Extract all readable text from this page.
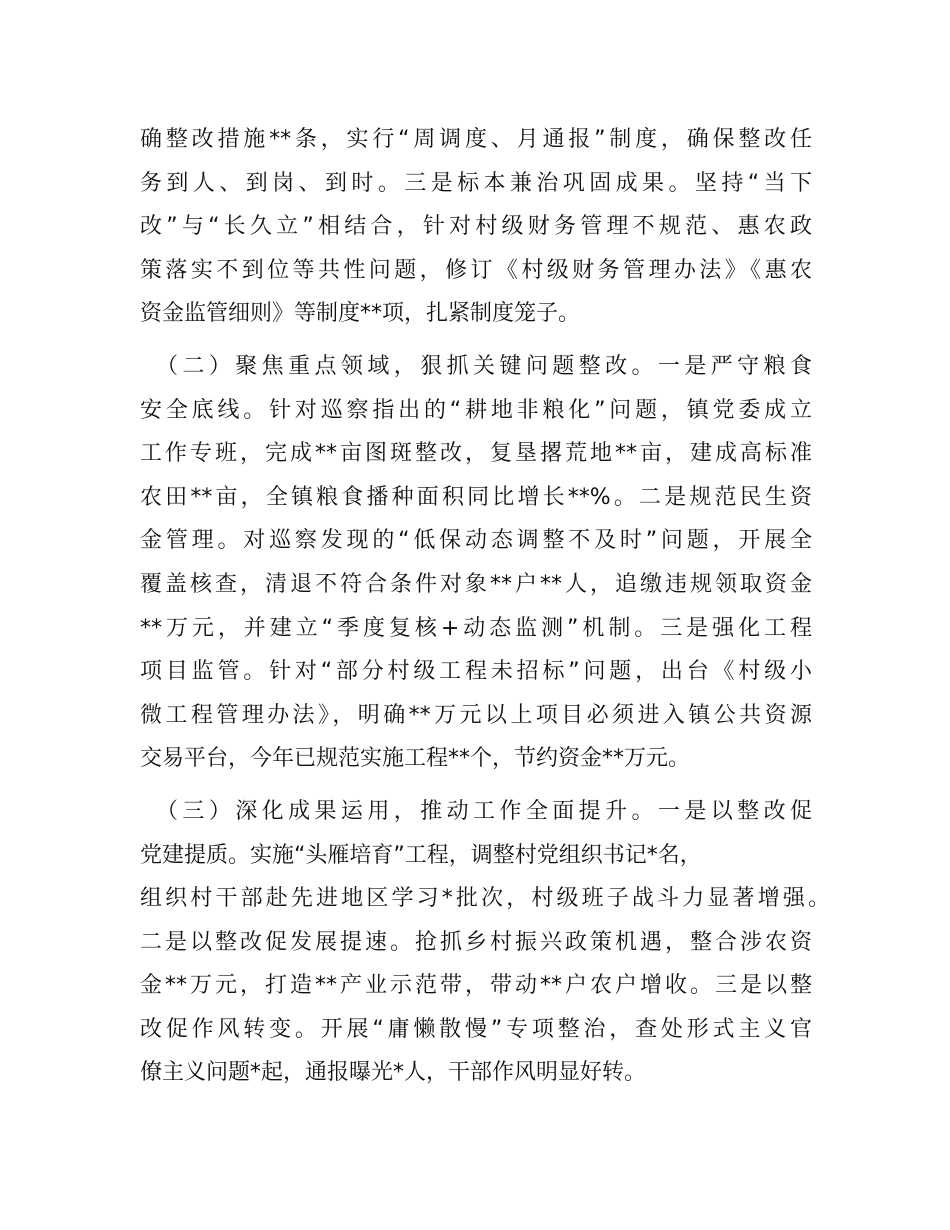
确整改措施**条，实行“周调度、月通报”制度，确保整改任
务到人、到岗、到时。三是标本兼治巩固成果。坚持“当下
改”与“长久立”相结合，针对村级财务管理不规范、惠农政
策落实不到位等共性问题，修订《村级财务管理办法》《惠农
资金监管细则》等制度**项，扎紧制度笼子。
（二）聚焦重点领域，狠抓关键问题整改。一是严守粮食
安全底线。针对巡察指出的“耕地非粮化”问题，镇党委成立
工作专班，完成**亩图斑整改，复垦撂荒地**亩，建成高标准
农田**亩，全镇粮食播种面积同比增长**%。二是规范民生资
金管理。对巡察发现的“低保动态调整不及时”问题，开展全
覆盖核查，清退不符合条件对象**户**人，追缴违规领取资金
**万元，并建立“季度复核+动态监测”机制。三是强化工程
项目监管。针对“部分村级工程未招标”问题，出台《村级小
微工程管理办法》，明确**万元以上项目必须进入镇公共资源
交易平台，今年已规范实施工程**个，节约资金**万元。
（三）深化成果运用，推动工作全面提升。一是以整改促
党建提质。实施“头雁培育”工程，调整村党组织书记*名，
组织村干部赴先进地区学习*批次，村级班子战斗力显著增强。
二是以整改促发展提速。抢抓乡村振兴政策机遇，整合涉农资
金**万元，打造**产业示范带，带动**户农户增收。三是以整
改促作风转变。开展“庸懒散慢”专项整治，查处形式主义官
僚主义问题*起，通报曝光*人，干部作风明显好转。
